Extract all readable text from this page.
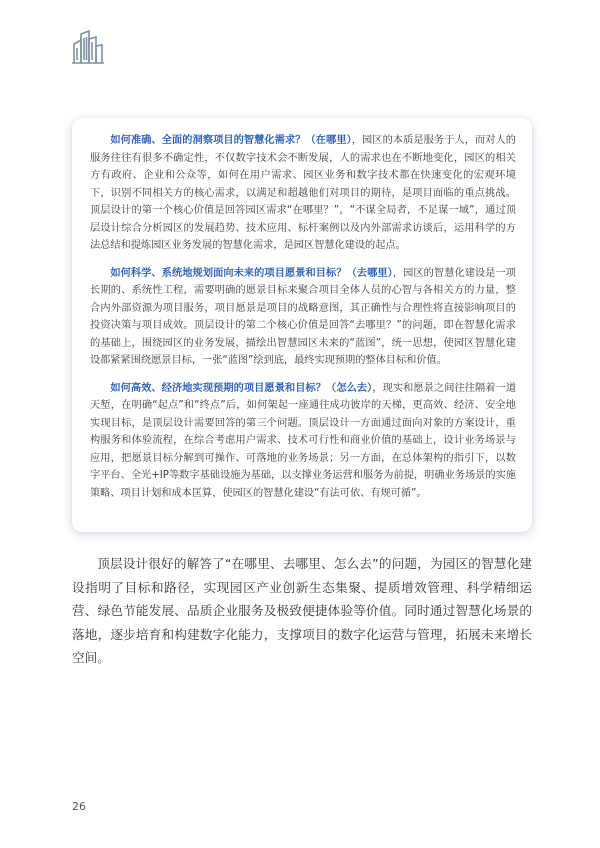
如何准确、全面的洞察项目的智慧化需求？（在哪里），园区的本质是服务于人，而对人的服务往往有很多不确定性，不仅数字技术会不断发展，人的需求也在不断地变化，园区的相关方有政府、企业和公众等，如何在用户需求、园区业务和数字技术都在快速变化的宏观环境下，识别不同相关方的核心需求，以满足和超越他们对项目的期待，是项目面临的重点挑战。顶层设计的第一个核心价值是回答园区需求“在哪里？”，“不谋全局者，不足谋一域”，通过顶层设计综合分析园区的发展趋势、技术应用、标杆案例以及内外部需求访谈后，运用科学的方法总结和提炼园区业务发展的智慧化需求，是园区智慧化建设的起点。

如何科学、系统地规划面向未来的项目愿景和目标？（去哪里），园区的智慧化建设是一项长期的、系统性工程，需要明确的愿景目标来聚合项目全体人员的心智与各相关方的力量，整合内外部资源为项目服务，项目愿景是项目的战略意图，其正确性与合理性将直接影响项目的投资决策与项目成效。顶层设计的第二个核心价值是回答“去哪里？”的问题，即在智慧化需求的基础上，围绕园区的业务发展，描绘出智慧园区未来的“蓝图”，统一思想，使园区智慧化建设都紧紧围绕愿景目标，一张“蓝图”绘到底，最终实现预期的整体目标和价值。

如何高效、经济地实现预期的项目愿景和目标？（怎么去），现实和愿景之间往往隔着一道天堑，在明确“起点”和“终点”后，如何架起一座通往成功彼岸的天梯，更高效、经济、安全地实现目标，是顶层设计需要回答的第三个问题。顶层设计一方面通过面向对象的方案设计，重构服务和体验流程，在综合考虑用户需求、技术可行性和商业价值的基础上，设计业务场景与应用，把愿景目标分解到可操作、可落地的业务场景；另一方面，在总体架构的指引下，以数字平台、全光+IP等数字基础设施为基础，以支撑业务运营和服务为前提，明确业务场景的实施策略、项目计划和成本匡算，使园区的智慧化建设“有法可依、有规可循”。

顶层设计很好的解答了“在哪里、去哪里、怎么去”的问题，为园区的智慧化建设指明了目标和路径，实现园区产业创新生态集聚、提质增效管理、科学精细运营、绿色节能发展、品质企业服务及极致便捷体验等价值。同时通过智慧化场景的落地，逐步培育和构建数字化能力，支撑项目的数字化运营与管理，拓展未来增长空间。

26
